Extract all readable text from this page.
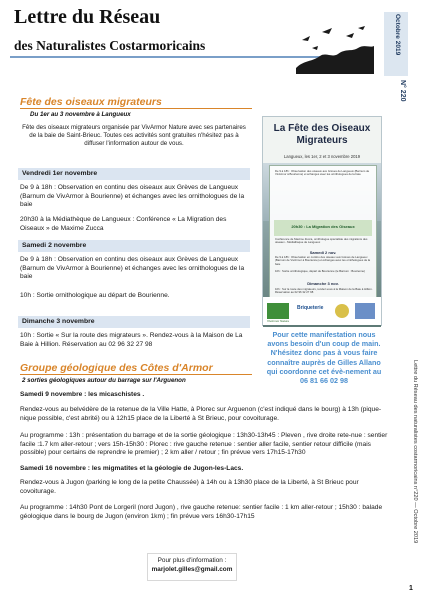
Lettre du Réseau
des Naturalistes Costarmoricains	Octobre 2019
N° 220
Fête des oiseaux migrateurs
Du 1er au 3 novembre à Langueux
Fête des oiseaux migrateurs organisée par VivArmor Nature avec ses partenaires de la baie de Saint-Brieuc. Toutes ces activités sont gratuites n'hésitez pas à diffuser l'information autour de vous.
Vendredi 1er novembre
De 9 à 18h : Observation en continu des oiseaux aux Grèves de Langueux (Barnum de VivArmor à Bourienne) et échanges avec les ornithologues de la baie
20h30 à la Médiathèque de Langueux : Conférence « La Migration des Oiseaux » de Maxime Zucca
Samedi 2 novembre
De 9 à 18h : Observation en continu des oiseaux aux Grèves de Langueux (Barnum de VivArmor à Bourienne) et échanges avec les ornithologues de la baie
10h : Sortie ornithologique au départ de Bourienne.
Dimanche 3 novembre
10h : Sortie « Sur la route des migrateurs ». Rendez-vous à la Maison de La Baie à Hillion. Réservation au 02 96 32 27 98
La Fête des Oiseaux Migrateurs
Langueux, les 1er, 2 et 3 novembre 2019
De 9 à 18h : Observation des oiseaux aux Grèves de Langueux (Barnum de VivArmor à Bourienne) et échanges avec les ornithologues de la baie
20h30 : La Migration des Oiseaux
Conférence de Maxime Zucca, ornithologue spécialiste des migrations des oiseaux - Médiathèque de Langueux
Samedi 2 nov.
De 9 à 18h : Observation en continu des oiseaux aux Grèves de Langueux (Barnum de VivArmor à Bourienne) et échanges avec les ornithologues de la baie
10h : Sortie ornithologique, départ de Bourienne (le Barnum : Bourienne)
Dimanche 3 nov.
10h : Sur la route des migrateurs, rendez-vous à la Maison de la Baie à Hillion. Réservation au 02 96 32 27 98
VivArmor Nature
Briqueterie
Pour cette manifestation nous avons besoin d'un coup de main. N'hésitez donc pas à vous faire connaître auprès de Gilles Allano qui coordonne cet évè-nement au 06 81 66 02 98
Groupe géologique des Côtes d'Armor
2 sorties géologiques autour du barrage sur l'Arguenon
Samedi 9 novembre : les micaschistes .
Rendez-vous au belvédère de la retenue de la Ville Hatte, à Plorec sur Arguenon (c'est indiqué dans le bourg) à 13h (pique-nique possible, c'est abrité) ou à 12h15 place de la Liberté à St Brieuc, pour covoiturage.
Au programme : 13h : présentation du barrage et de la sortie géologique : 13h30-13h45 : Pleven , rive droite rete-nue : sentier facile :1.7 km aller-retour ; vers 15h-15h30 : Plorec : rive gauche retenue : sentier aller facile, sentier retour difficile (mais possible) pour certains de reprendre le premier) ; 2 km aller / retour ; fin prévue vers 17h15-17h30
Samedi 16 novembre : les migmatites et la géologie de Jugon-les-Lacs.
Rendez-vous à Jugon (parking le long de la petite Chaussée) à 14h ou à 13h30 place de la Liberté, à St Brieuc pour covoiturage.
Au programme : 14h30 Pont de Lorgeril (nord Jugon) , rive gauche retenue: sentier facile : 1 km aller-retour ; 15h30 : balade géologique dans le bourg de Jugon (environ 1km) ; fin prévue vers 16h30-17h15
Pour plus d'information :
marjolet.gilles@gmail.com
Lettre du Réseau des naturalistes costarmoricains n°220 — Octobre 2019
1
